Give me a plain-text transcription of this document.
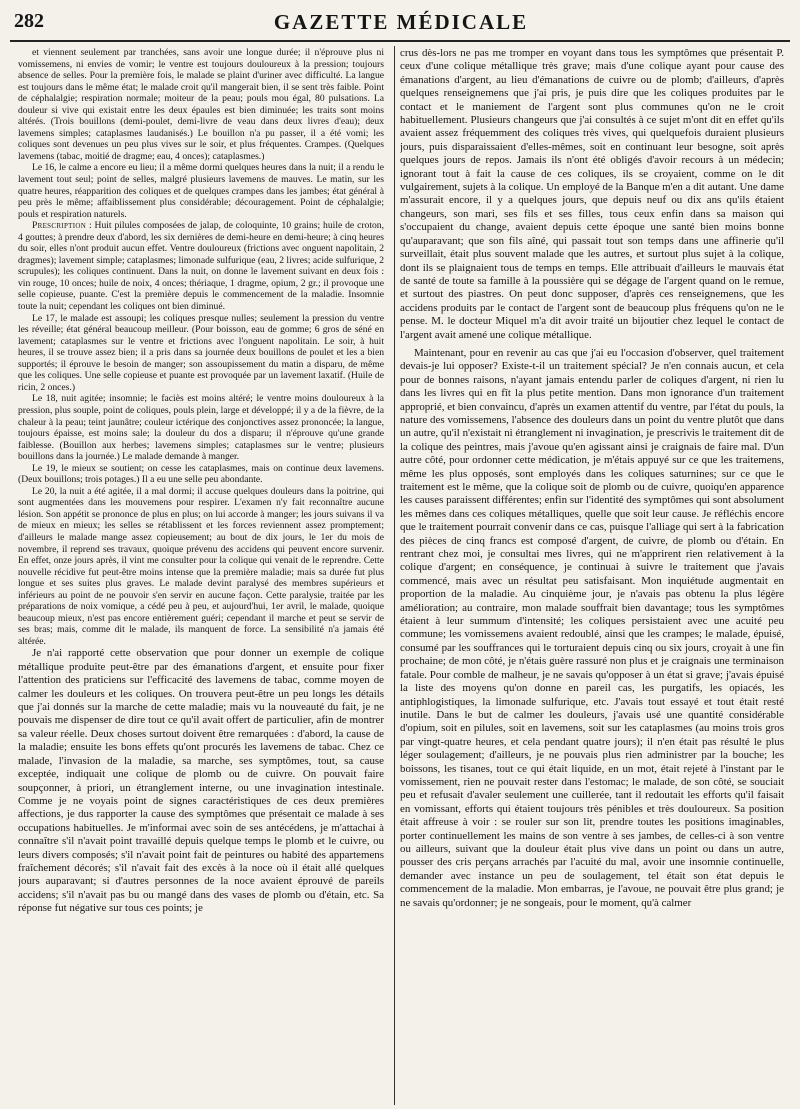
282	GAZETTE MÉDICALE

et viennent seulement par tranchées, sans avoir une longue durée; il n'éprouve plus ni vomissemens, ni envies de vomir; le ventre est toujours douloureux à la pression; toujours absence de selles. Pour la première fois, le malade se plaint d'uriner avec difficulté. La langue est toujours dans le même état; le malade croit qu'il mangerait bien, il se sent très faible. Point de céphalalgie; respiration normale; moiteur de la peau; pouls mou égal, 80 pulsations. La douleur si vive qui existait entre les deux épaules est bien diminuée; les traits sont moins altérés. (Trois bouillons (demi-poulet, demi-livre de veau dans deux livres d'eau); deux lavemens simples; cataplasmes laudanisés.) Le bouillon n'a pu passer, il a été vomi; les coliques sont devenues un peu plus vives sur le soir, et plus fréquentes. Crampes. (Quelques lavemens (tabac, moitié de dragme; eau, 4 onces); cataplasmes.)

Le 16, le calme a encore eu lieu; il a même dormi quelques heures dans la nuit; il a rendu le lavement tout seul; point de selles, malgré plusieurs lavemens de mauves. Le matin, sur les quatre heures, réapparition des coliques et de quelques crampes dans les jambes; état général à peu près le même; affaiblissement plus considérable; découragement. Point de céphalalgie; pouls et respiration naturels.

Prescription : Huit pilules composées de jalap, de coloquinte, 10 grains; huile de croton, 4 gouttes; à prendre deux d'abord, les six dernières de demi-heure en demi-heure; à cinq heures du soir, elles n'ont produit aucun effet. Ventre douloureux (frictions avec onguent napolitain, 2 dragmes); lavement simple; cataplasmes; limonade sulfurique (eau, 2 livres; acide sulfurique, 2 scrupules); les coliques continuent. Dans la nuit, on donne le lavement suivant en deux fois : vin rouge, 10 onces; huile de noix, 4 onces; thériaque, 1 dragme, opium, 2 gr.; il provoque une selle copieuse, puante. C'est la première depuis le commencement de la maladie. Insomnie toute la nuit; cependant les coliques ont bien diminué.

Le 17, le malade est assoupi; les coliques presque nulles; seulement la pression du ventre les réveille; état général beaucoup meilleur. (Pour boisson, eau de gomme; 6 gros de séné en lavement; cataplasmes sur le ventre et frictions avec l'onguent napolitain. Le soir, à huit heures, il se trouve assez bien; il a pris dans sa journée deux bouillons de poulet et les a bien supportés; il éprouve le besoin de manger; son assoupissement du matin a disparu, de même que les coliques. Une selle copieuse et puante est provoquée par un lavement laxatif. (Huile de ricin, 2 onces.)

Le 18, nuit agitée; insomnie; le faciès est moins altéré; le ventre moins douloureux à la pression, plus souple, point de coliques, pouls plein, large et développé; il y a de la fièvre, de la chaleur à la peau; teint jaunâtre; couleur ictérique des conjonctives assez prononcée; la langue, toujours épaisse, est moins sale; la douleur du dos a disparu; il n'éprouve qu'une grande faiblesse. (Bouillon aux herbes; lavemens simples; cataplasmes sur le ventre; plusieurs bouillons dans la journée.) Le malade demande à manger.

Le 19, le mieux se soutient; on cesse les cataplasmes, mais on continue deux lavemens. (Deux bouillons; trois potages.) Il a eu une selle peu abondante.

Le 20, la nuit a été agitée, il a mal dormi; il accuse quelques douleurs dans la poitrine, qui sont augmentées dans les mouvemens pour respirer. L'examen n'y fait reconnaître aucune lésion. Son appétit se prononce de plus en plus; on lui accorde à manger; les jours suivans il va de mieux en mieux; les selles se rétablissent et les forces reviennent assez promptement; d'ailleurs le malade mange assez copieusement; au bout de dix jours, le 1er du mois de novembre, il reprend ses travaux, quoique prévenu des accidens qui peuvent encore survenir. En effet, onze jours après, il vint me consulter pour la colique qui venait de le reprendre. Cette nouvelle récidive fut peut-être moins intense que la première maladie; mais sa durée fut plus longue et ses suites plus graves. Le malade devint paralysé des membres supérieurs et inférieurs au point de ne pouvoir s'en servir en aucune façon. Cette paralysie, traitée par les préparations de noix vomique, a cédé peu à peu, et aujourd'hui, 1er avril, le malade, quoique beaucoup mieux, n'est pas encore entièrement guéri; cependant il marche et peut se servir de ses bras; mais, comme dit le malade, ils manquent de force. La sensibilité n'a jamais été altérée.

Je n'ai rapporté cette observation que pour donner un exemple de colique métallique produite peut-être par des émanations d'argent, et ensuite pour fixer l'attention des praticiens sur l'efficacité des lavemens de tabac, comme moyen de calmer les douleurs et les coliques. On trouvera peut-être un peu longs les détails que j'ai donnés sur la marche de cette maladie; mais vu la nouveauté du fait, je ne pouvais me dispenser de dire tout ce qu'il avait offert de particulier, afin de montrer sa valeur réelle. Deux choses surtout doivent être remarquées : d'abord, la cause de la maladie; ensuite les bons effets qu'ont procurés les lavemens de tabac. Chez ce malade, l'invasion de la maladie, sa marche, ses symptômes, tout, sa cause exceptée, indiquait une colique de plomb ou de cuivre. On pouvait faire soupçonner, à priori, un étranglement interne, ou une invagination intestinale. Comme je ne voyais point de signes caractéristiques de ces deux premières affections, je dus rapporter la cause des symptômes que présentait ce malade à ses occupations habituelles. Je m'informai avec soin de ses antécédens, je m'attachai à connaître s'il n'avait point travaillé depuis quelque temps le plomb et le cuivre, ou leurs divers composés; s'il n'avait point fait de peintures ou habité des appartemens fraîchement décorés; s'il n'avait fait des excès à la noce où il était allé quelques jours auparavant; si d'autres personnes de la noce avaient éprouvé de pareils accidens; s'il n'avait pas bu ou mangé dans des vases de plomb ou d'étain, etc. Sa réponse fut négative sur tous ces points; je

crus dès-lors ne pas me tromper en voyant dans tous les symptômes que présentait P. ceux d'une colique métallique très grave; mais d'une colique ayant pour cause des émanations d'argent, au lieu d'émanations de cuivre ou de plomb; d'ailleurs, d'après quelques renseignemens que j'ai pris, je puis dire que les coliques produites par le contact et le maniement de l'argent sont plus communes qu'on ne le croit habituellement. Plusieurs changeurs que j'ai consultés à ce sujet m'ont dit en effet qu'ils avaient assez fréquemment des coliques très vives, qui quelquefois duraient plusieurs jours, puis disparaissaient d'elles-mêmes, soit en continuant leur besogne, soit après quelques jours de repos. Jamais ils n'ont été obligés d'avoir recours à un médecin; ignorant tout à fait la cause de ces coliques, ils se croyaient, comme on le dit vulgairement, sujets à la colique. Un employé de la Banque m'en a dit autant. Une dame m'assurait encore, il y a quelques jours, que depuis neuf ou dix ans qu'ils étaient changeurs, son mari, ses fils et ses filles, tous ceux enfin dans sa maison qui s'occupaient du change, avaient depuis cette époque une santé bien moins bonne qu'auparavant; que son fils aîné, qui passait tout son temps dans une affinerie qu'il surveillait, était plus souvent malade que les autres, et surtout plus sujet à la colique, dont ils se plaignaient tous de temps en temps. Elle attribuait d'ailleurs le mauvais état de santé de toute sa famille à la poussière qui se dégage de l'argent quand on le remue, et surtout des piastres. On peut donc supposer, d'après ces renseignemens, que les accidens produits par le contact de l'argent sont de beaucoup plus fréquens qu'on ne le pense. M. le docteur Miquel m'a dit avoir traité un bijoutier chez lequel le contact de l'argent avait amené une colique métallique.

Maintenant, pour en revenir au cas que j'ai eu l'occasion d'observer, quel traitement devais-je lui opposer? Existe-t-il un traitement spécial? Je n'en connais aucun, et cela pour de bonnes raisons, n'ayant jamais entendu parler de coliques d'argent, ni rien lu dans les livres qui en fît la plus petite mention. Dans mon ignorance d'un traitement approprié, et bien convaincu, d'après un examen attentif du ventre, par l'état du pouls, la nature des vomissemens, l'absence des douleurs dans un point du ventre plutôt que dans un autre, qu'il n'existait ni étranglement ni invagination, je prescrivis le traitement dit de la colique des peintres, mais j'avoue qu'en agissant ainsi je craignais de faire mal. D'un autre côté, pour ordonner cette médication, je m'étais appuyé sur ce que les traitemens, même les plus opposés, sont employés dans les coliques saturnines; sur ce que le traitement est le même, que la colique soit de plomb ou de cuivre, quoiqu'en apparence les causes paraissent différentes; enfin sur l'identité des symptômes qui sont absolument les mêmes dans ces coliques métalliques, quelle que soit leur cause. Je réfléchis encore que le traitement pourrait convenir dans ce cas, puisque l'alliage qui sert à la fabrication des pièces de cinq francs est composé d'argent, de cuivre, de plomb ou d'étain. En rentrant chez moi, je consultai mes livres, qui ne m'apprirent rien relativement à la colique d'argent; en conséquence, je continuai à suivre le traitement que j'avais commencé, mais avec un résultat peu satisfaisant. Mon inquiétude augmentait en proportion de la maladie. Au cinquième jour, je n'avais pas obtenu la plus légère amélioration; au contraire, mon malade souffrait bien davantage; tous les symptômes étaient à leur summum d'intensité; les coliques persistaient avec une acuité peu commune; les vomissemens avaient redoublé, ainsi que les crampes; le malade, épuisé, consumé par les souffrances qui le torturaient depuis cinq ou six jours, croyait à une fin prochaine; de mon côté, je n'étais guère rassuré non plus et je craignais une terminaison fatale. Pour comble de malheur, je ne savais qu'opposer à un état si grave; j'avais épuisé la liste des moyens qu'on donne en pareil cas, les purgatifs, les opiacés, les antiphlogistiques, la limonade sulfurique, etc. J'avais tout essayé et tout était resté inutile. Dans le but de calmer les douleurs, j'avais usé une quantité considérable d'opium, soit en pilules, soit en lavemens, soit sur les cataplasmes (au moins trois gros par vingt-quatre heures, et cela pendant quatre jours); il n'en était pas résulté le plus léger soulagement; d'ailleurs, je ne pouvais plus rien administrer par la bouche; les boissons, les tisanes, tout ce qui était liquide, en un mot, était rejeté à l'instant par le vomissement, rien ne pouvait rester dans l'estomac; le malade, de son côté, se souciait peu et refusait d'avaler seulement une cuillerée, tant il redoutait les efforts qu'il faisait en vomissant, efforts qui étaient toujours très pénibles et très douloureux. Sa position était affreuse à voir : se rouler sur son lit, prendre toutes les positions imaginables, porter continuellement les mains de son ventre à ses jambes, de celles-ci à son ventre ou ailleurs, suivant que la douleur était plus vive dans un point ou dans un autre, pousser des cris perçans arrachés par l'acuité du mal, avoir une insomnie continuelle, demander avec instance un peu de soulagement, tel était son état depuis le commencement de la maladie. Mon embarras, je l'avoue, ne pouvait être plus grand; je ne savais qu'ordonner; je ne songeais, pour le moment, qu'à calmer
